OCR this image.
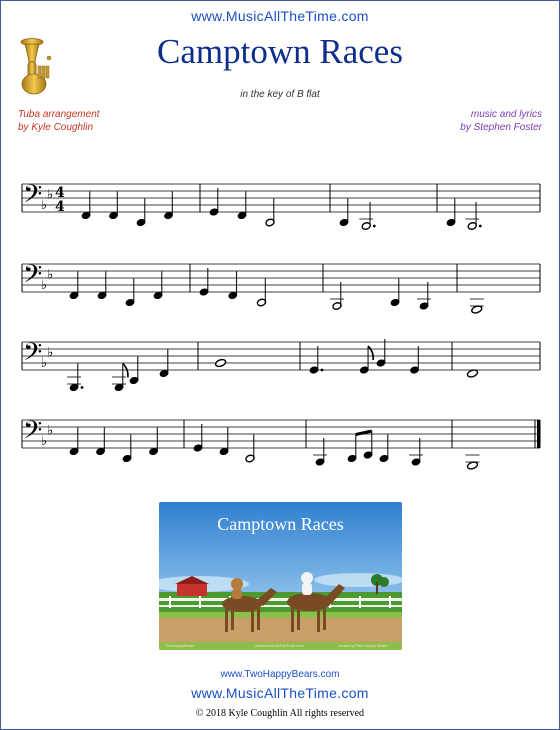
www.MusicAllTheTime.com
Camptown Races
in the key of B flat
Tuba arrangement
by Kyle Coughlin
music and lyrics
by Stephen Foster
𝄢
♭
♭ 4
4
𝄢
♭
♭
𝄢
♭
♭
𝄢
♭
♭
Camptown Races
TwoHappyBears	www.MusicAllTheTime.com	music by Two Happy Bears
www.TwoHappyBears.com
www.MusicAllTheTime.com
© 2018 Kyle Coughlin All rights reserved
